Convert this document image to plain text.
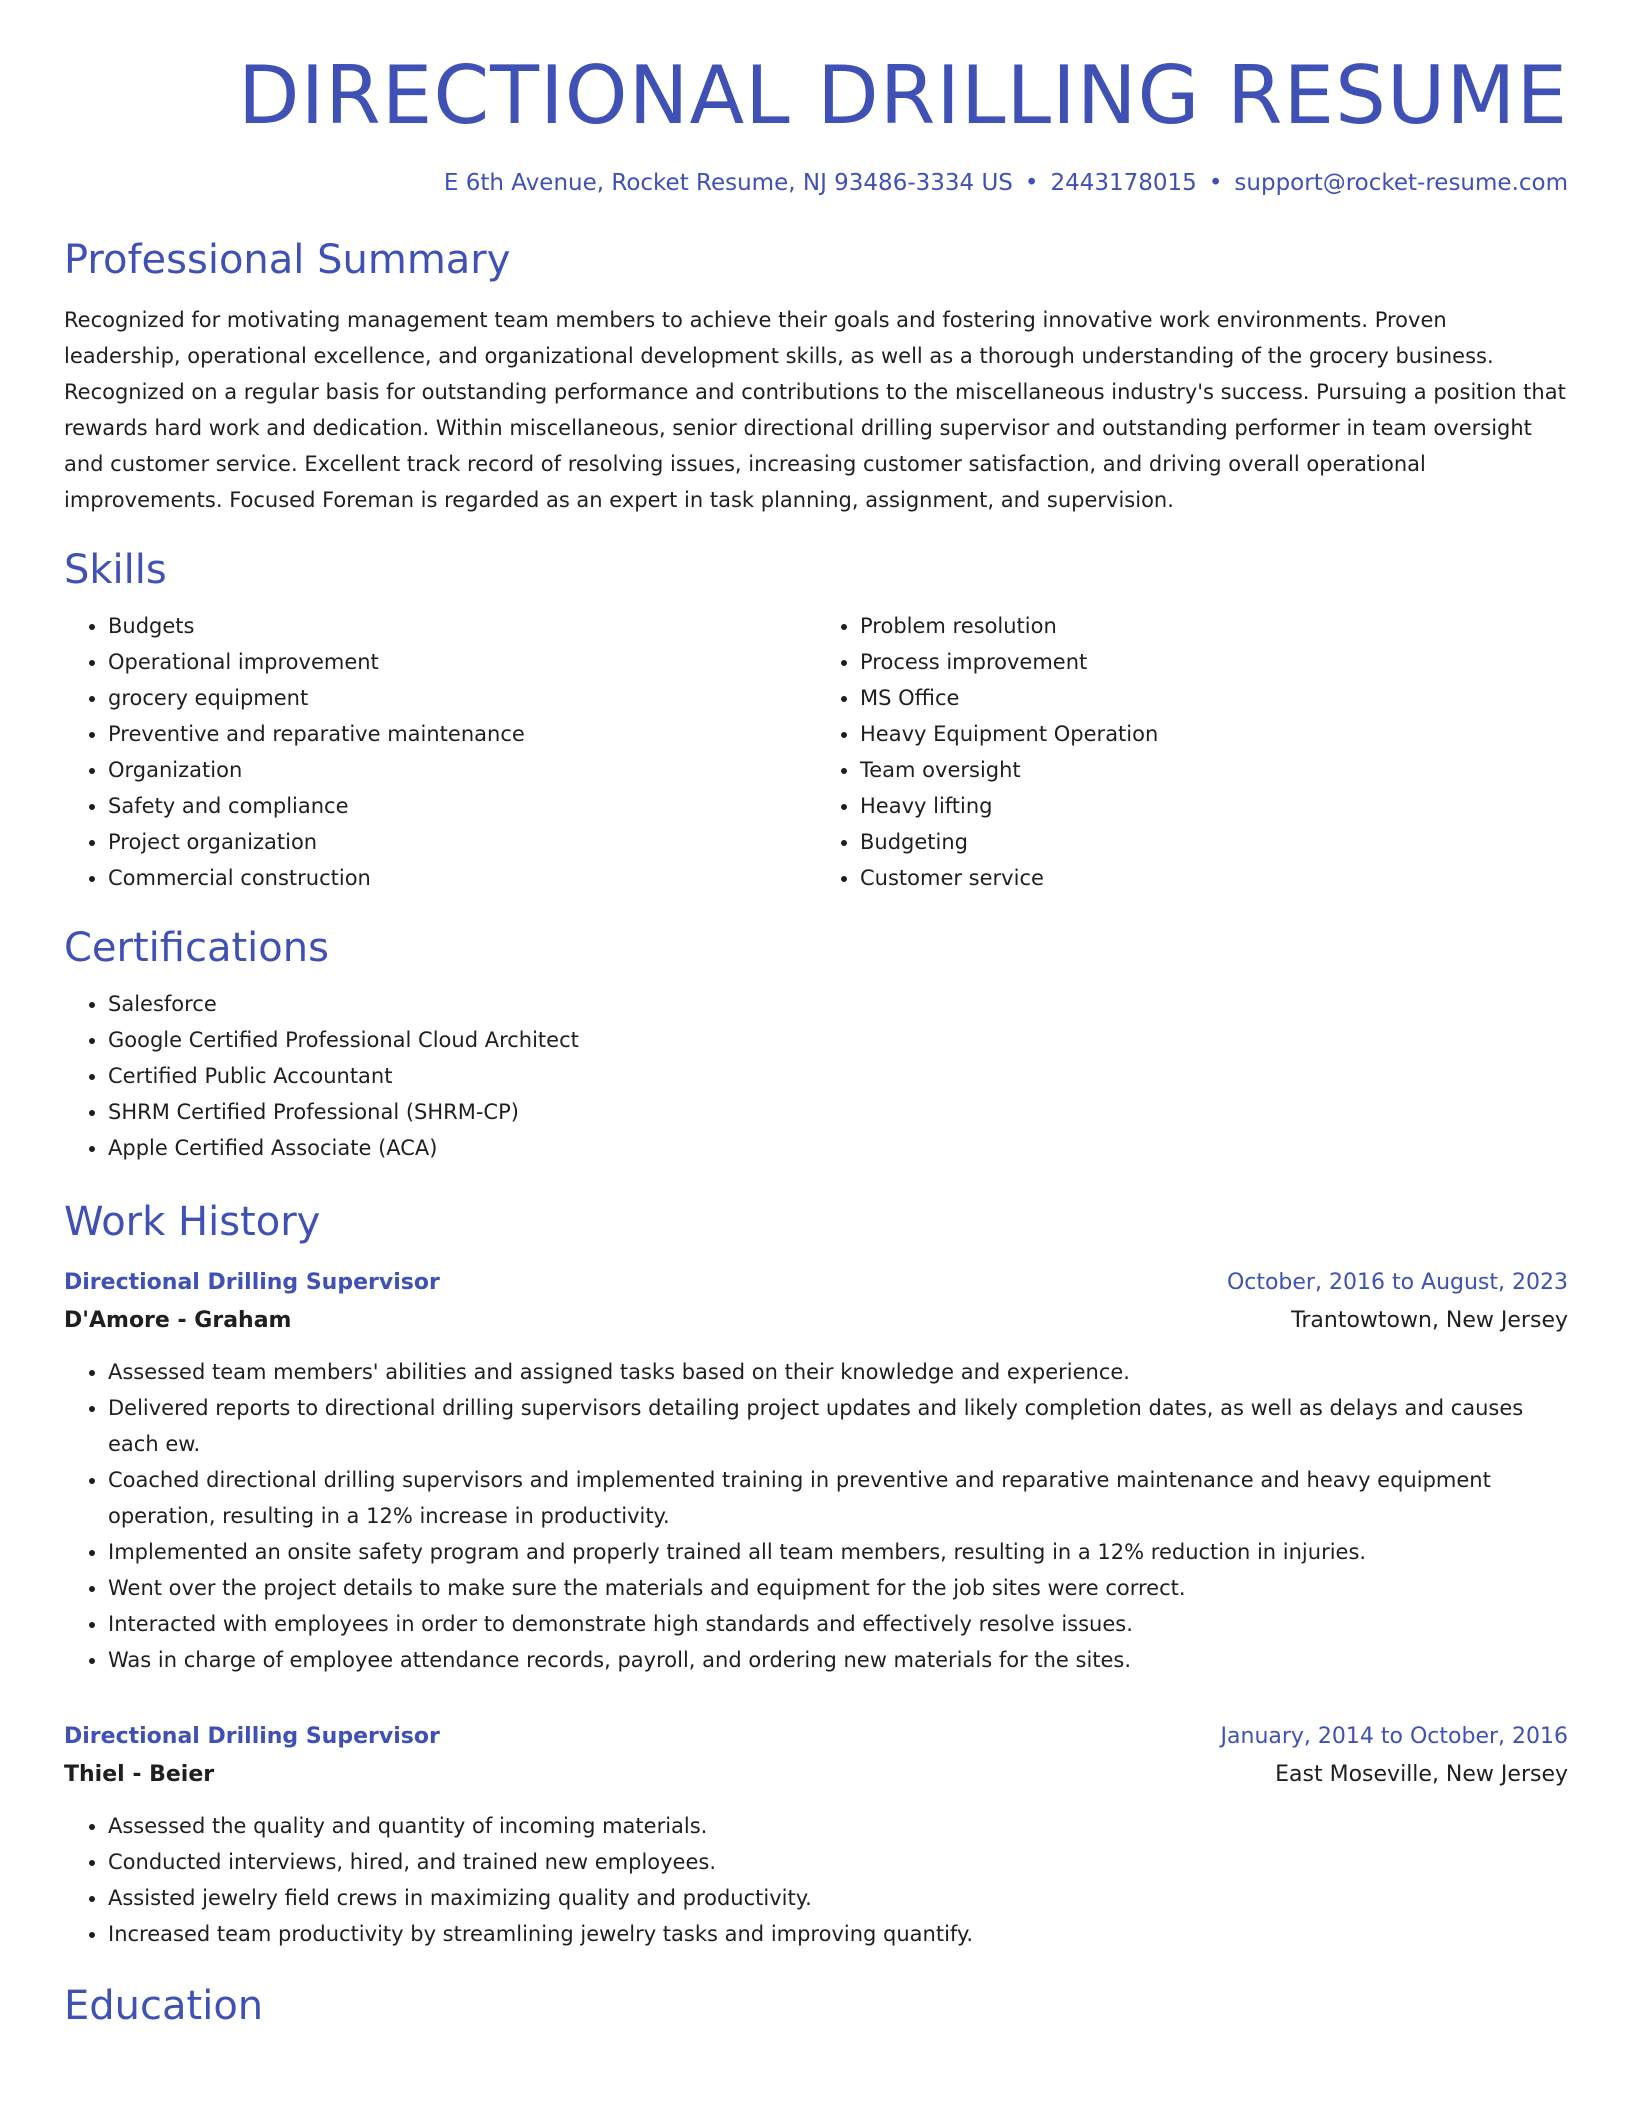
DIRECTIONAL DRILLING RESUME
E 6th Avenue, Rocket Resume, NJ 93486-3334 US • 2443178015 • support@rocket-resume.com
Professional Summary

Recognized for motivating management team members to achieve their goals and fostering innovative work environments. Proven leadership, operational excellence, and organizational development skills, as well as a thorough understanding of the grocery business. Recognized on a regular basis for outstanding performance and contributions to the miscellaneous industry's success. Pursuing a position that rewards hard work and dedication. Within miscellaneous, senior directional drilling supervisor and outstanding performer in team oversight and customer service. Excellent track record of resolving issues, increasing customer satisfaction, and driving overall operational improvements. Focused Foreman is regarded as an expert in task planning, assignment, and supervision.

Skills
• Budgets
• Operational improvement
• grocery equipment
• Preventive and reparative maintenance
• Organization
• Safety and compliance
• Project organization
• Commercial construction
• Problem resolution
• Process improvement
• MS Office
• Heavy Equipment Operation
• Team oversight
• Heavy lifting
• Budgeting
• Customer service
Certifications
• Salesforce
• Google Certified Professional Cloud Architect
• Certified Public Accountant
• SHRM Certified Professional (SHRM-CP)
• Apple Certified Associate (ACA)
Work History
Directional Drilling Supervisor	October, 2016 to August, 2023
D'Amore - Graham	Trantowtown, New Jersey
• Assessed team members' abilities and assigned tasks based on their knowledge and experience.
• Delivered reports to directional drilling supervisors detailing project updates and likely completion dates, as well as delays and causes each ew.
• Coached directional drilling supervisors and implemented training in preventive and reparative maintenance and heavy equipment operation, resulting in a 12% increase in productivity.
• Implemented an onsite safety program and properly trained all team members, resulting in a 12% reduction in injuries.
• Went over the project details to make sure the materials and equipment for the job sites were correct.
• Interacted with employees in order to demonstrate high standards and effectively resolve issues.
• Was in charge of employee attendance records, payroll, and ordering new materials for the sites.
Directional Drilling Supervisor	January, 2014 to October, 2016
Thiel - Beier	East Moseville, New Jersey
• Assessed the quality and quantity of incoming materials.
• Conducted interviews, hired, and trained new employees.
• Assisted jewelry field crews in maximizing quality and productivity.
• Increased team productivity by streamlining jewelry tasks and improving quantify.
Education
